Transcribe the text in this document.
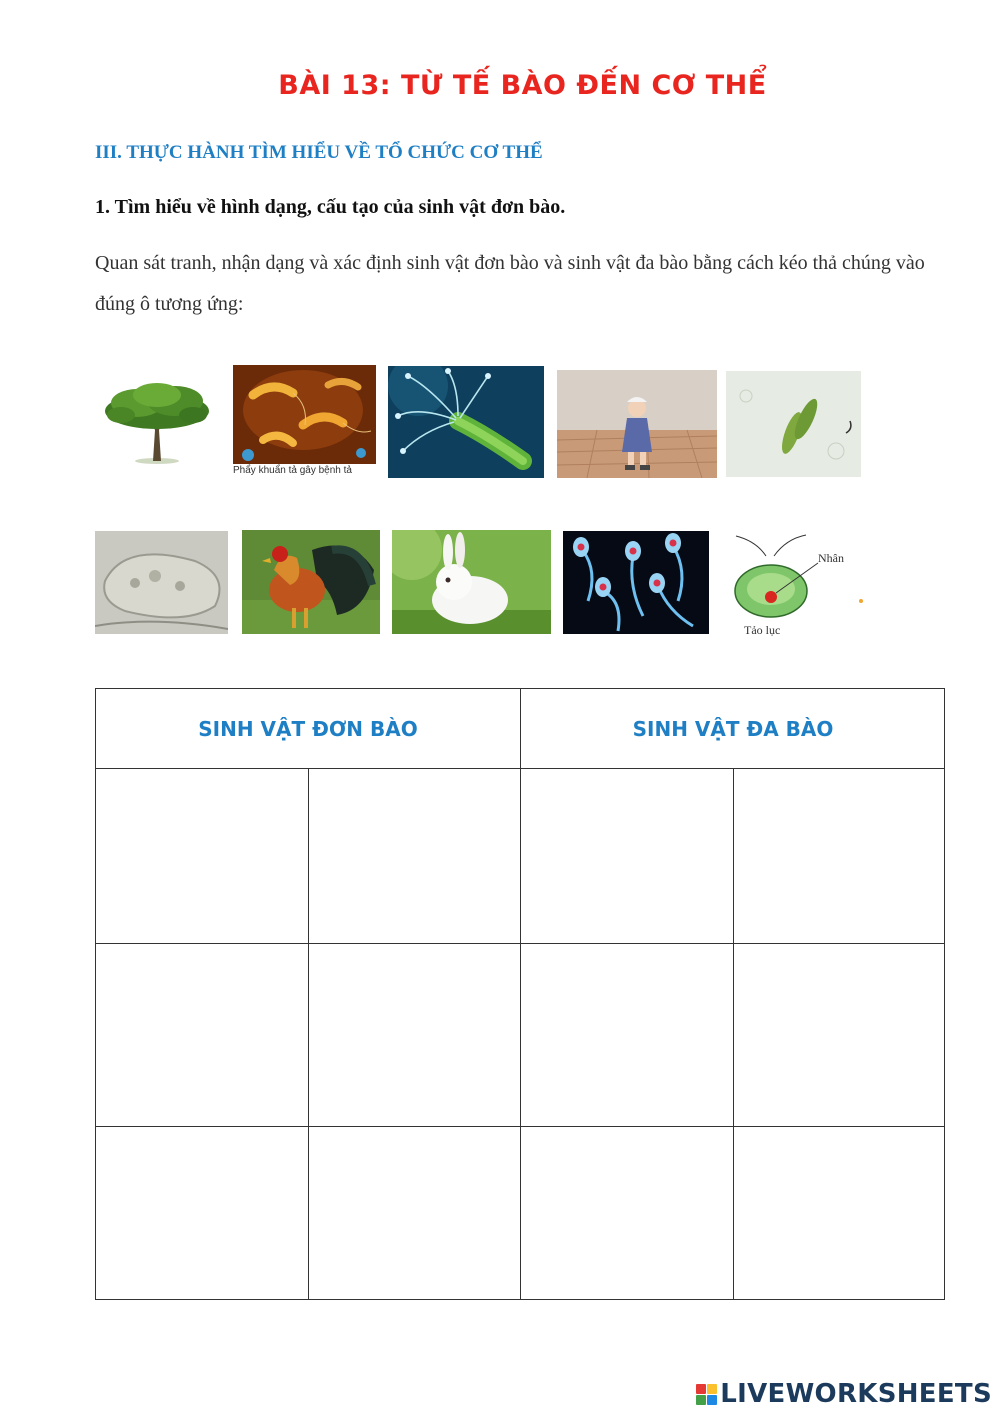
BÀI 13: TỪ TẾ BÀO ĐẾN CƠ THỂ
III. THỰC HÀNH TÌM HIỂU VỀ TỔ CHỨC CƠ THỂ
1. Tìm hiểu về hình dạng, cấu tạo của sinh vật đơn bào.
Quan sát tranh, nhận dạng và xác định sinh vật đơn bào và sinh vật đa bào bằng cách kéo thả chúng vào đúng ô tương ứng:
Phẩy khuẩn tả gây bệnh tả
Nhân
Tảo lục
SINH VẬT ĐƠN BÀO	SINH VẬT ĐA BÀO
LIVEWORKSHEETS
